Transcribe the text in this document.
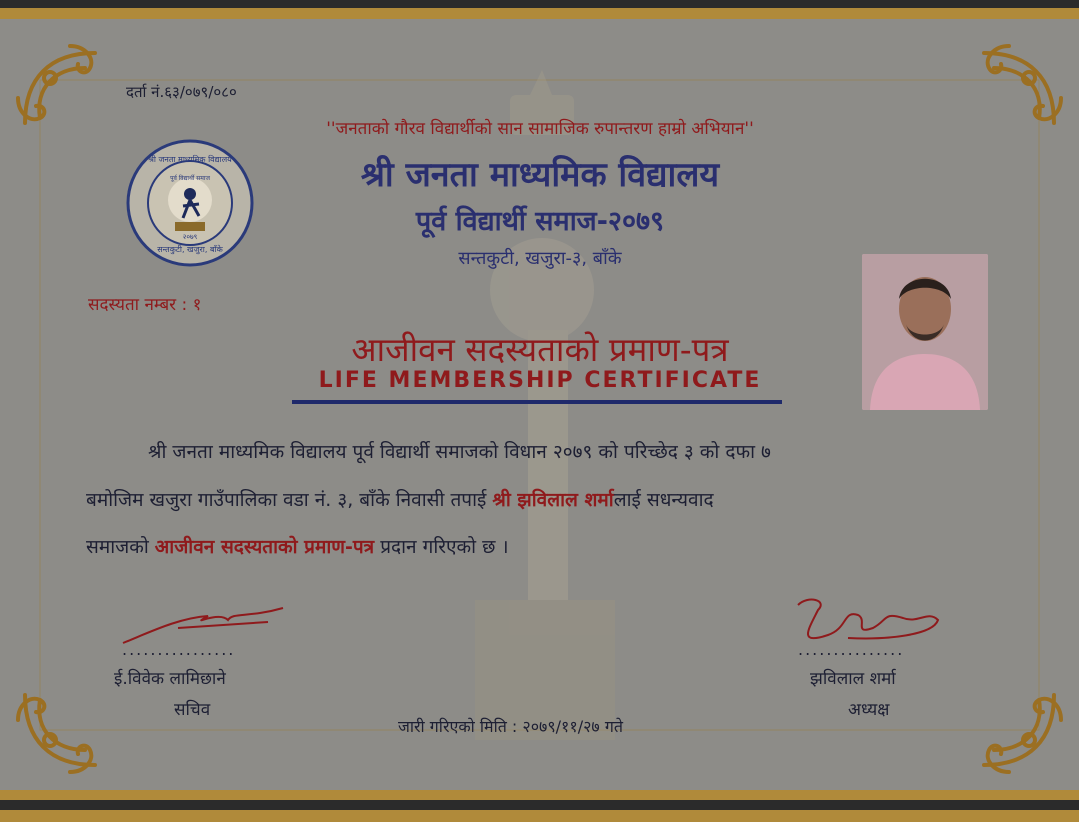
दर्ता नं.६३/०७९/०८०
''जनताको गौरव विद्यार्थीको सान सामाजिक रुपान्तरण हाम्रो अभियान''
श्री जनता माध्यमिक विद्यालय
पूर्व विद्यार्थी समाज
२०७९
सन्तकुटी, खजुरा, बाँके
श्री जनता माध्यमिक विद्यालय
पूर्व विद्यार्थी समाज-२०७९
सन्तकुटी, खजुरा-३, बाँके
सदस्यता नम्बर : १
आजीवन सदस्यताको प्रमाण-पत्र
LIFE MEMBERSHIP CERTIFICATE
श्री जनता माध्यमिक विद्यालय पूर्व विद्यार्थी समाजको विधान २०७९ को परिच्छेद ३ को दफा ७
बमोजिम खजुरा गाउँपालिका वडा नं. ३, बाँके निवासी तपाई श्री झविलाल शर्मालाई सधन्यवाद
समाजको आजीवन सदस्यताको प्रमाण-पत्र प्रदान गरिएको छ ।
................
ई.विवेक लामिछाने
सचिव
...............
झविलाल शर्मा
अध्यक्ष
जारी गरिएको मिति : २०७९/११/२७ गते
